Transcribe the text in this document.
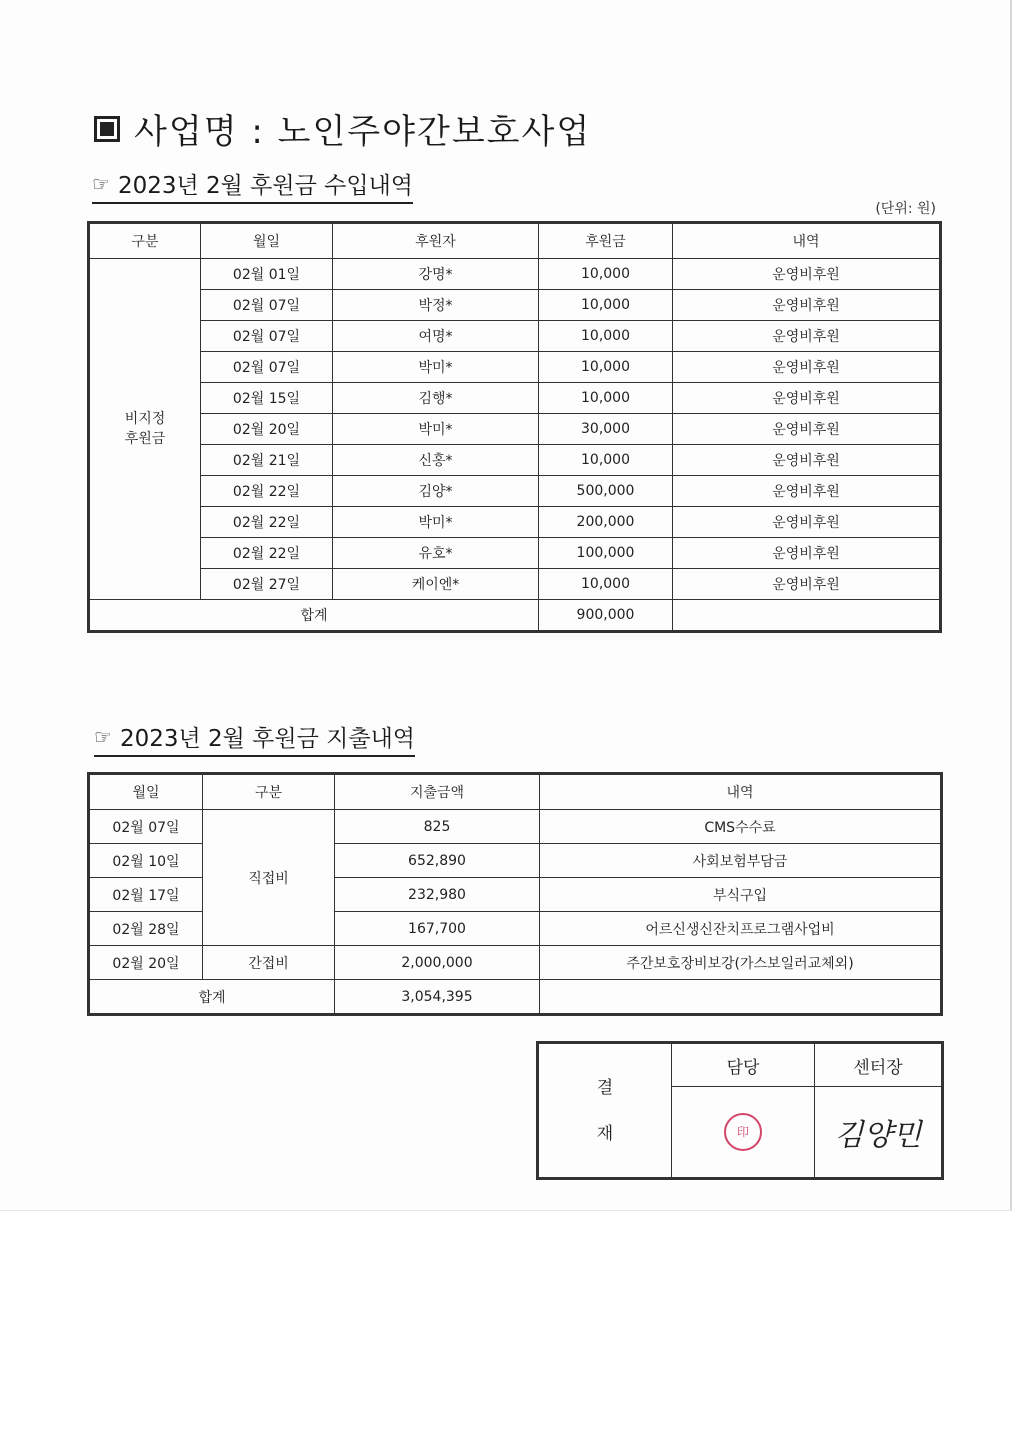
사업명 : 노인주야간보호사업
☞ 2023년 2월 후원금 수입내역
(단위: 원)
구분	월일	후원자	후원금	내역
비지정
후원금	02월 01일	강명*	10,000	운영비후원
	02월 07일	박정*	10,000	운영비후원
	02월 07일	여명*	10,000	운영비후원
	02월 07일	박미*	10,000	운영비후원
	02월 15일	김행*	10,000	운영비후원
	02월 20일	박미*	30,000	운영비후원
	02월 21일	신홍*	10,000	운영비후원
	02월 22일	김양*	500,000	운영비후원
	02월 22일	박미*	200,000	운영비후원
	02월 22일	유호*	100,000	운영비후원
	02월 27일	케이엔*	10,000	운영비후원
합계			900,000	
☞ 2023년 2월 후원금 지출내역
월일	구분	지출금액	내역
02월 07일	직접비	825	CMS수수료
02월 10일		652,890	사회보험부담금
02월 17일		232,980	부식구입
02월 28일		167,700	어르신생신잔치프로그램사업비
02월 20일	간접비	2,000,000	주간보호장비보강(가스보일러교체외)
합계		3,054,395	
결
재	담당	센터장
	印	김양민
